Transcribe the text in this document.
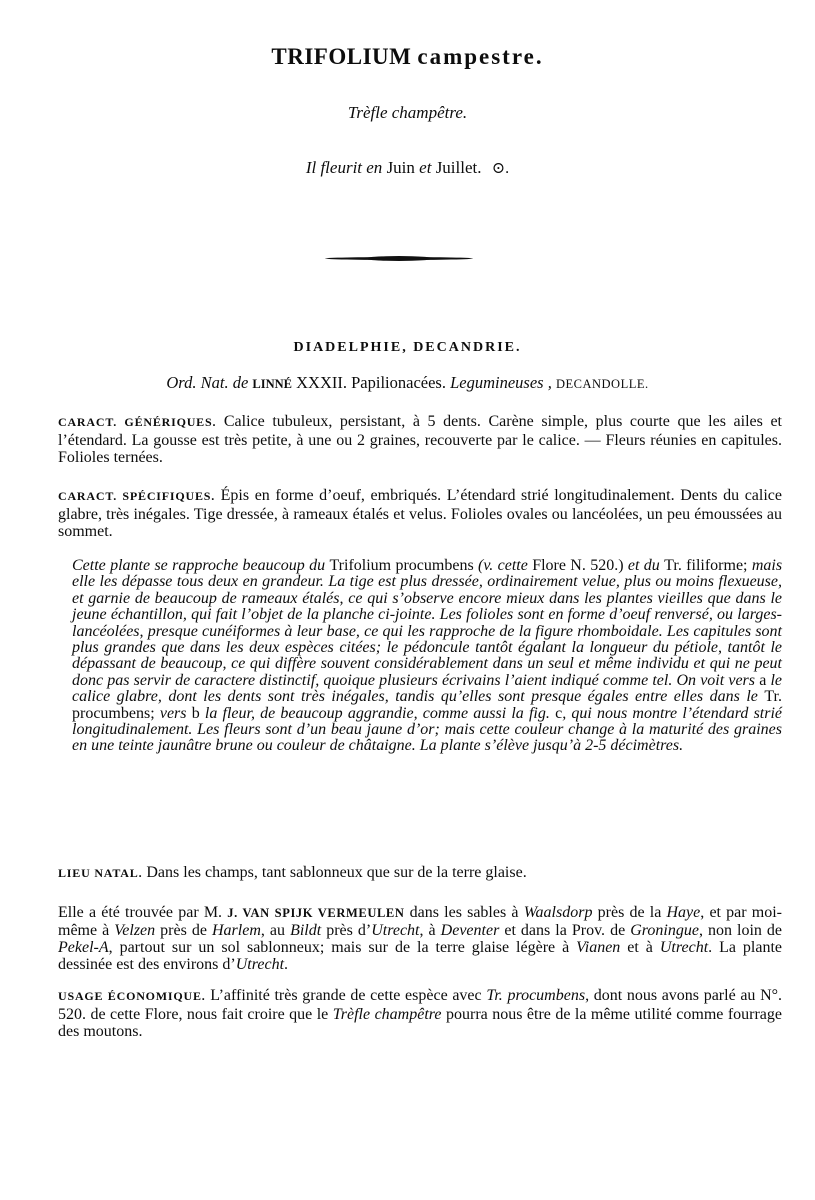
TRIFOLIUM campestre.
Trèfle champêtre.
Il fleurit en Juin et Juillet. ⊙.
DIADELPHIE, DECANDRIE.
Ord. Nat. de LINNÉ XXXII. Papilionacées. Legumineuses , DECANDOLLE.
CARACT. GÉNÉRIQUES. Calice tubuleux, persistant, à 5 dents. Carène simple, plus courte que les ailes et l’étendard. La gousse est très petite, à une ou 2 graines, recouverte par le calice. — Fleurs réunies en capitules. Folioles ternées.
CARACT. SPÉCIFIQUES. Épis en forme d’oeuf, embriqués. L’étendard strié longitudinalement. Dents du calice glabre, très inégales. Tige dressée, à rameaux étalés et velus. Folioles ovales ou lancéolées, un peu émoussées au sommet.
Cette plante se rapproche beaucoup du Trifolium procumbens (v. cette Flore N. 520.) et du Tr. filiforme; mais elle les dépasse tous deux en grandeur. La tige est plus dressée, ordinairement velue, plus ou moins flexueuse, et garnie de beaucoup de rameaux étalés, ce qui s’observe encore mieux dans les plantes vieilles que dans le jeune échantillon, qui fait l’objet de la planche ci-jointe. Les folioles sont en forme d’oeuf renversé, ou larges-lancéolées, presque cunéiformes à leur base, ce qui les rapproche de la figure rhomboidale. Les capitules sont plus grandes que dans les deux espèces citées; le pédoncule tantôt égalant la longueur du pétiole, tantôt le dépassant de beaucoup, ce qui diffère souvent considérablement dans un seul et même individu et qui ne peut donc pas servir de caractere distinctif, quoique plusieurs écrivains l’aient indiqué comme tel. On voit vers a le calice glabre, dont les dents sont très inégales, tandis qu’elles sont presque égales entre elles dans le Tr. procumbens; vers b la fleur, de beaucoup aggrandie, comme aussi la fig. c, qui nous montre l’étendard strié longitudinalement. Les fleurs sont d’un beau jaune d’or; mais cette couleur change à la maturité des graines en une teinte jaunâtre brune ou couleur de châtaigne. La plante s’élève jusqu’à 2-5 décimètres.
LIEU NATAL. Dans les champs, tant sablonneux que sur de la terre glaise.
Elle a été trouvée par M. J. VAN SPIJK VERMEULEN dans les sables à Waalsdorp près de la Haye, et par moi-même à Velzen près de Harlem, au Bildt près d’Utrecht, à Deventer et dans la Prov. de Groningue, non loin de Pekel-A, partout sur un sol sablonneux; mais sur de la terre glaise légère à Vianen et à Utrecht. La plante dessinée est des environs d’Utrecht.
USAGE ÉCONOMIQUE. L’affinité très grande de cette espèce avec Tr. procumbens, dont nous avons parlé au N°. 520. de cette Flore, nous fait croire que le Trèfle champêtre pourra nous être de la même utilité comme fourrage des moutons.
